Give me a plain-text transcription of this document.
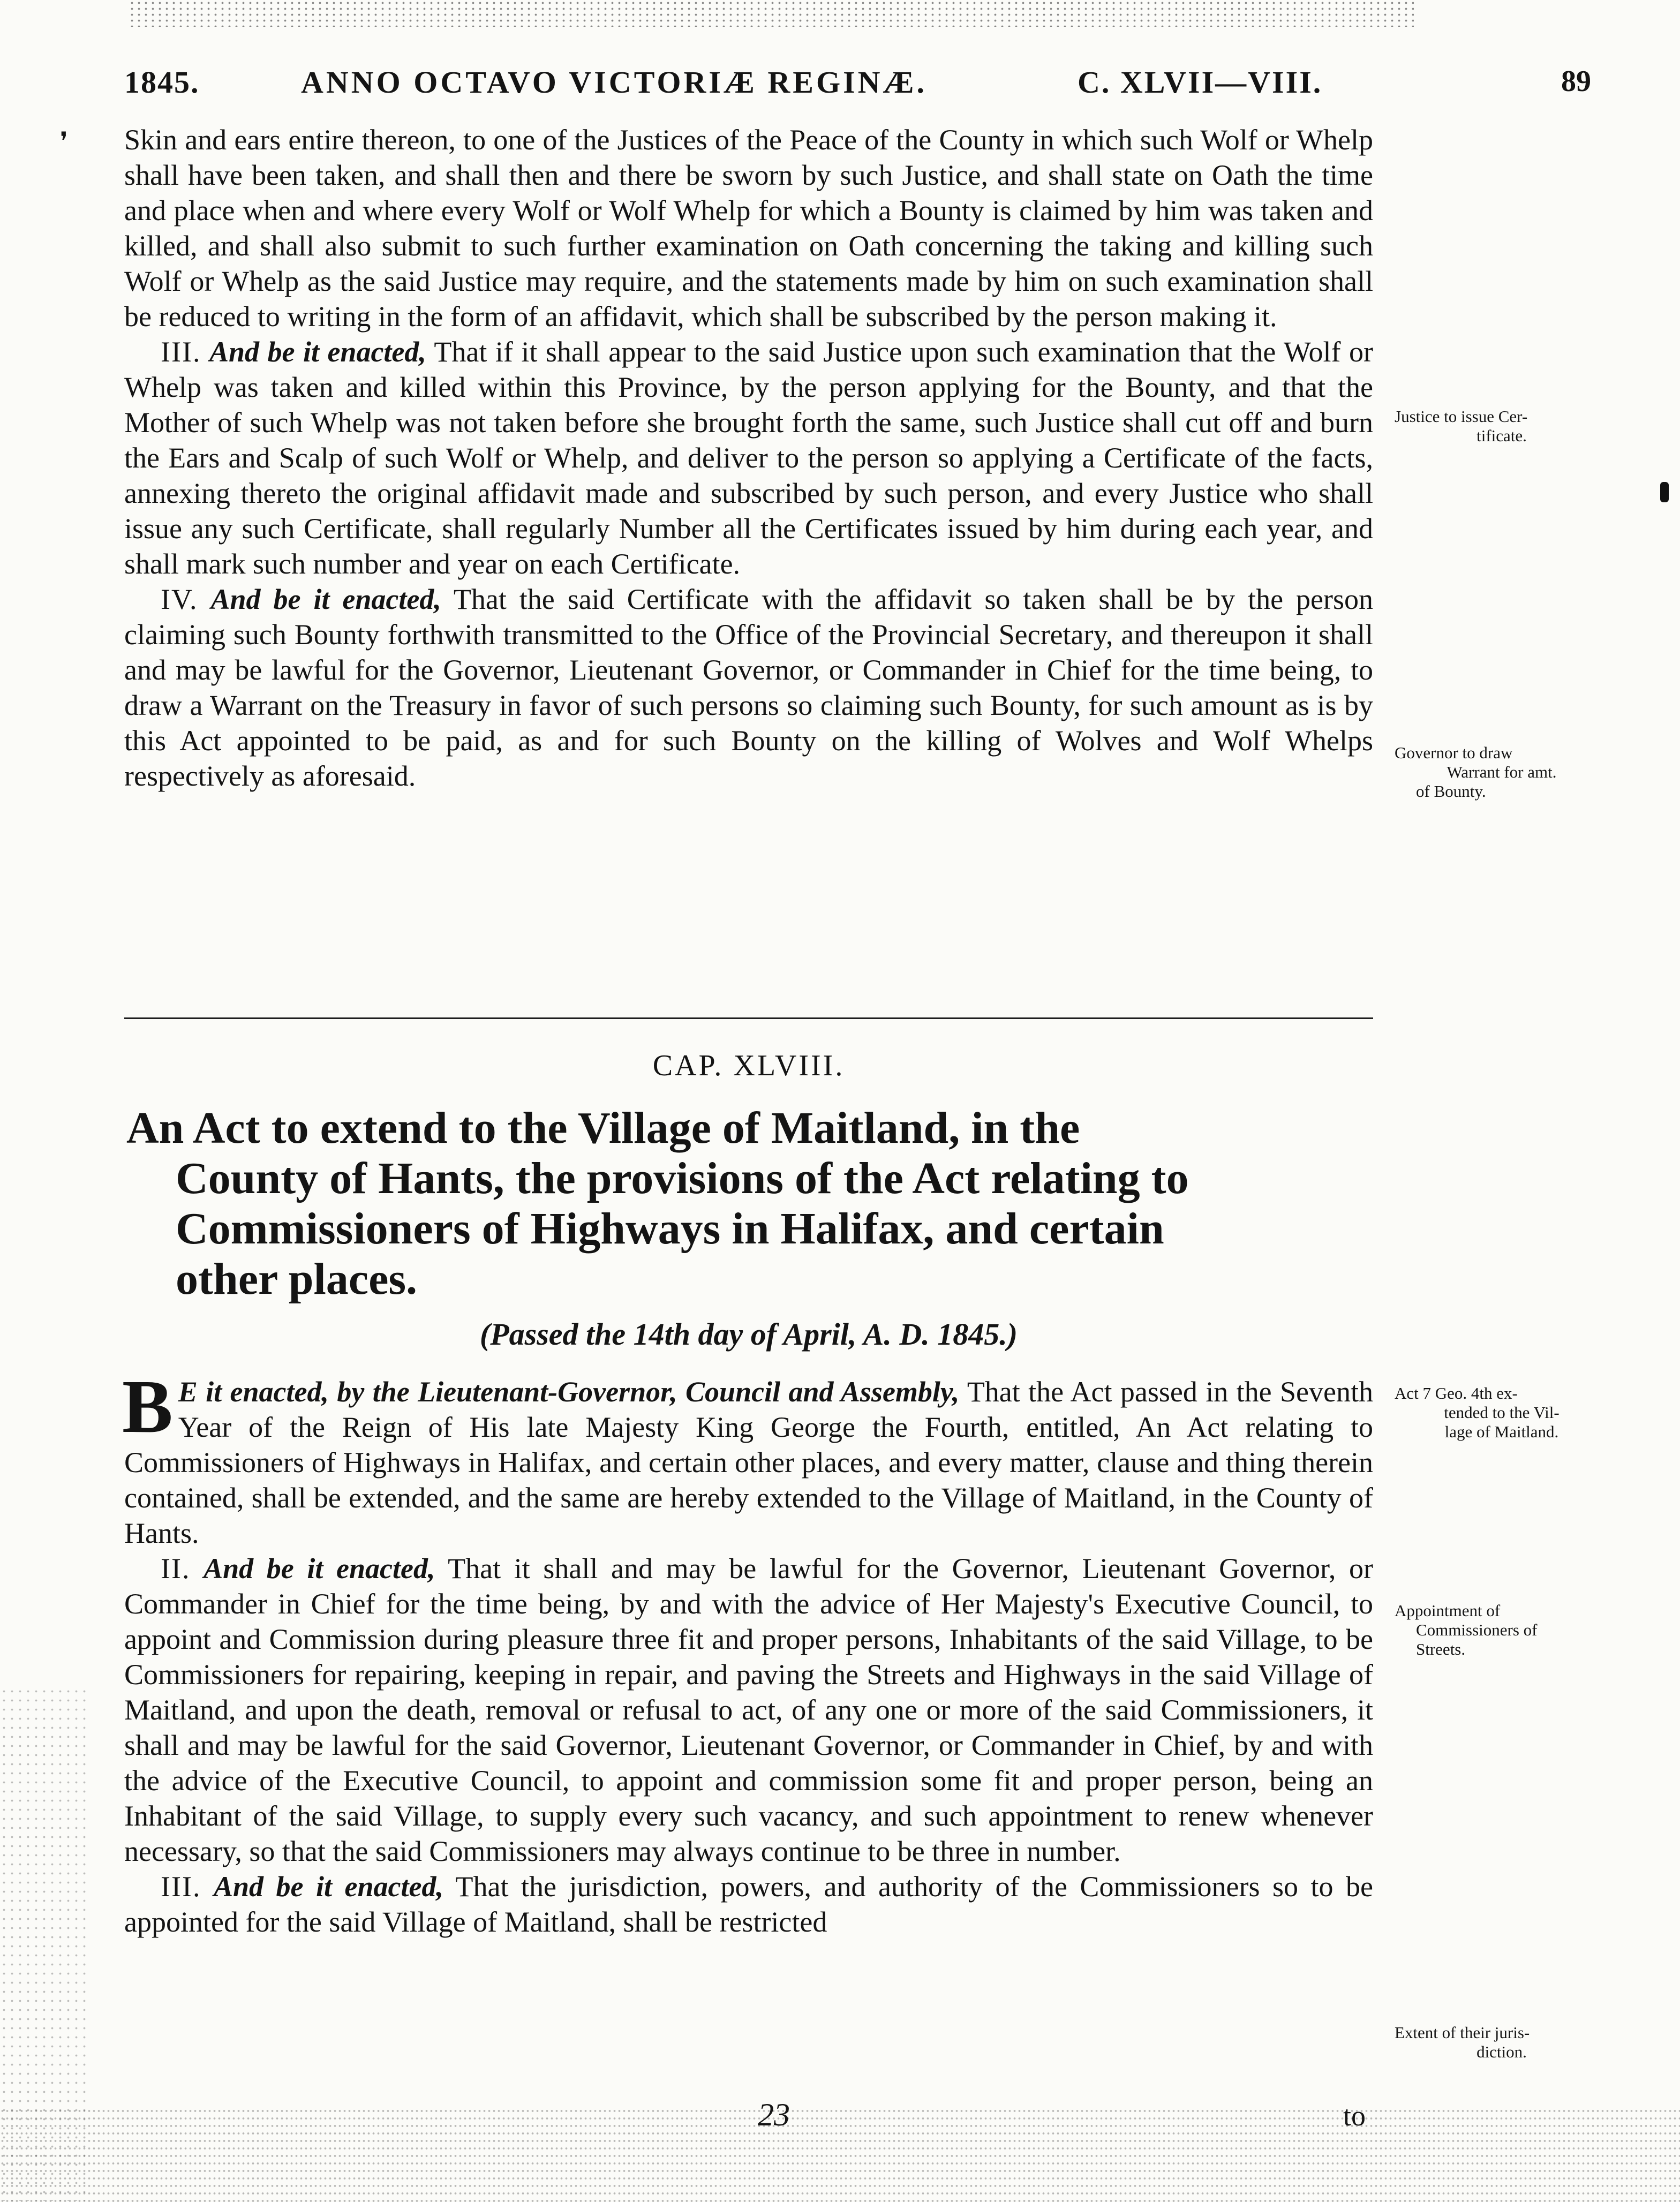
❜
1845.	ANNO OCTAVO VICTORIÆ REGINÆ.	C. XLVII—VIII.	89

Skin and ears entire thereon, to one of the Justices of the Peace of the County in which such Wolf or Whelp shall have been taken, and shall then and there be sworn by such Justice, and shall state on Oath the time and place when and where every Wolf or Wolf Whelp for which a Bounty is claimed by him was taken and killed, and shall also submit to such further examination on Oath concerning the taking and killing such Wolf or Whelp as the said Justice may require, and the statements made by him on such examination shall be reduced to writing in the form of an affidavit, which shall be subscribed by the person making it.

III. And be it enacted, That if it shall appear to the said Justice upon such examination that the Wolf or Whelp was taken and killed within this Province, by the person applying for the Bounty, and that the Mother of such Whelp was not taken before she brought forth the same, such Justice shall cut off and burn the Ears and Scalp of such Wolf or Whelp, and deliver to the person so applying a Certificate of the facts, annexing thereto the original affidavit made and subscribed by such person, and every Justice who shall issue any such Certificate, shall regularly Number all the Certificates issued by him during each year, and shall mark such number and year on each Certificate.

IV. And be it enacted, That the said Certificate with the affidavit so taken shall be by the person claiming such Bounty forthwith transmitted to the Office of the Provincial Secretary, and thereupon it shall and may be lawful for the Governor, Lieutenant Governor, or Commander in Chief for the time being, to draw a Warrant on the Treasury in favor of such persons so claiming such Bounty, for such amount as is by this Act appointed to be paid, as and for such Bounty on the killing of Wolves and Wolf Whelps respectively as aforesaid.

Justice to issue Cer-
tificate.
Governor to draw
Warrant for amt.
of Bounty.
CAP. XLVIII.
An Act to extend to the Village of Maitland, in the
County of Hants, the provisions of the Act relating to
Commissioners of Highways in Halifax, and certain
other places.
(Passed the 14th day of April, A. D. 1845.)

B E it enacted, by the Lieutenant-Governor, Council and Assembly, That the Act passed in the Seventh Year of the Reign of His late Majesty King George the Fourth, entitled, An Act relating to Commissioners of Highways in Halifax, and certain other places, and every matter, clause and thing therein contained, shall be extended, and the same are hereby extended to the Village of Maitland, in the County of Hants.

II. And be it enacted, That it shall and may be lawful for the Governor, Lieutenant Governor, or Commander in Chief for the time being, by and with the advice of Her Majesty's Executive Council, to appoint and Commission during pleasure three fit and proper persons, Inhabitants of the said Village, to be Commissioners for repairing, keeping in repair, and paving the Streets and Highways in the said Village of Maitland, and upon the death, removal or refusal to act, of any one or more of the said Commissioners, it shall and may be lawful for the said Governor, Lieutenant Governor, or Commander in Chief, by and with the advice of the Executive Council, to appoint and commission some fit and proper person, being an Inhabitant of the said Village, to supply every such vacancy, and such appointment to renew whenever necessary, so that the said Commissioners may always continue to be three in number.

III. And be it enacted, That the jurisdiction, powers, and authority of the Commissioners so to be appointed for the said Village of Maitland, shall be restricted

Act 7 Geo. 4th ex-
tended to the Vil-
lage of Maitland.
Appointment of
Commissioners of
Streets.
Extent of their juris-
diction.
23	to
